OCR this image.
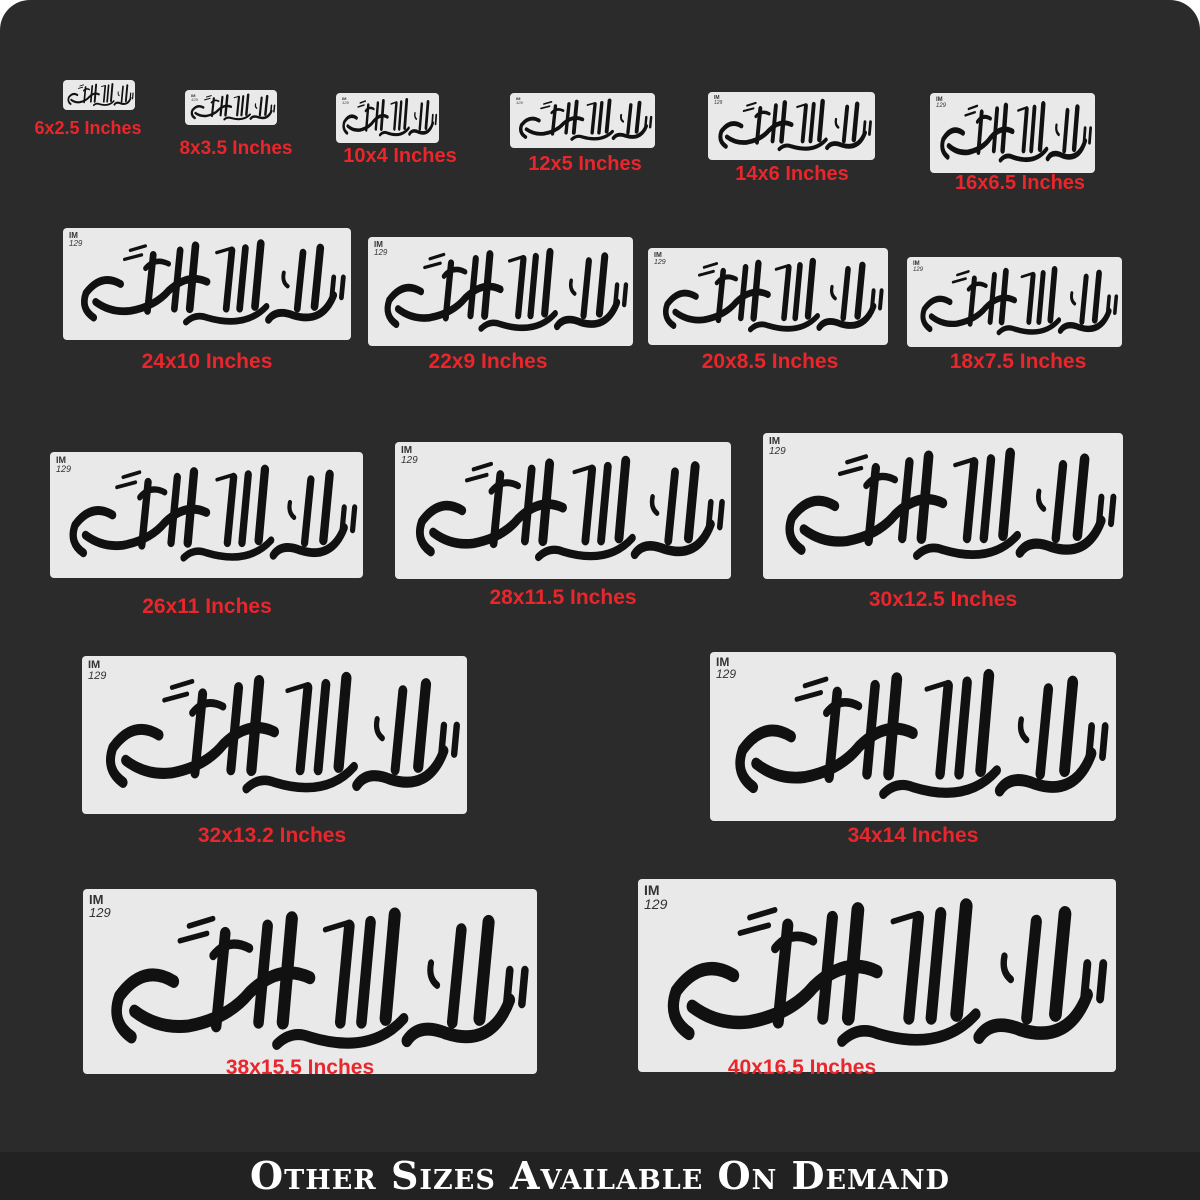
Other Sizes Available On Demand
6x2.5 Inches
IM
129
8x3.5 Inches
IM
129
10x4 Inches
IM
129
12x5 Inches
IM
129
14x6 Inches
IM
129
16x6.5 Inches
IM
129
24x10 Inches
IM
129
22x9 Inches
IM
129
20x8.5 Inches
IM
129
18x7.5 Inches
IM
129
26x11 Inches
IM
129
28x11.5 Inches
IM
129
30x12.5 Inches
IM
129
32x13.2 Inches
IM
129
34x14 Inches
IM
129
38x15.5 Inches
IM
129
40x16.5 Inches
